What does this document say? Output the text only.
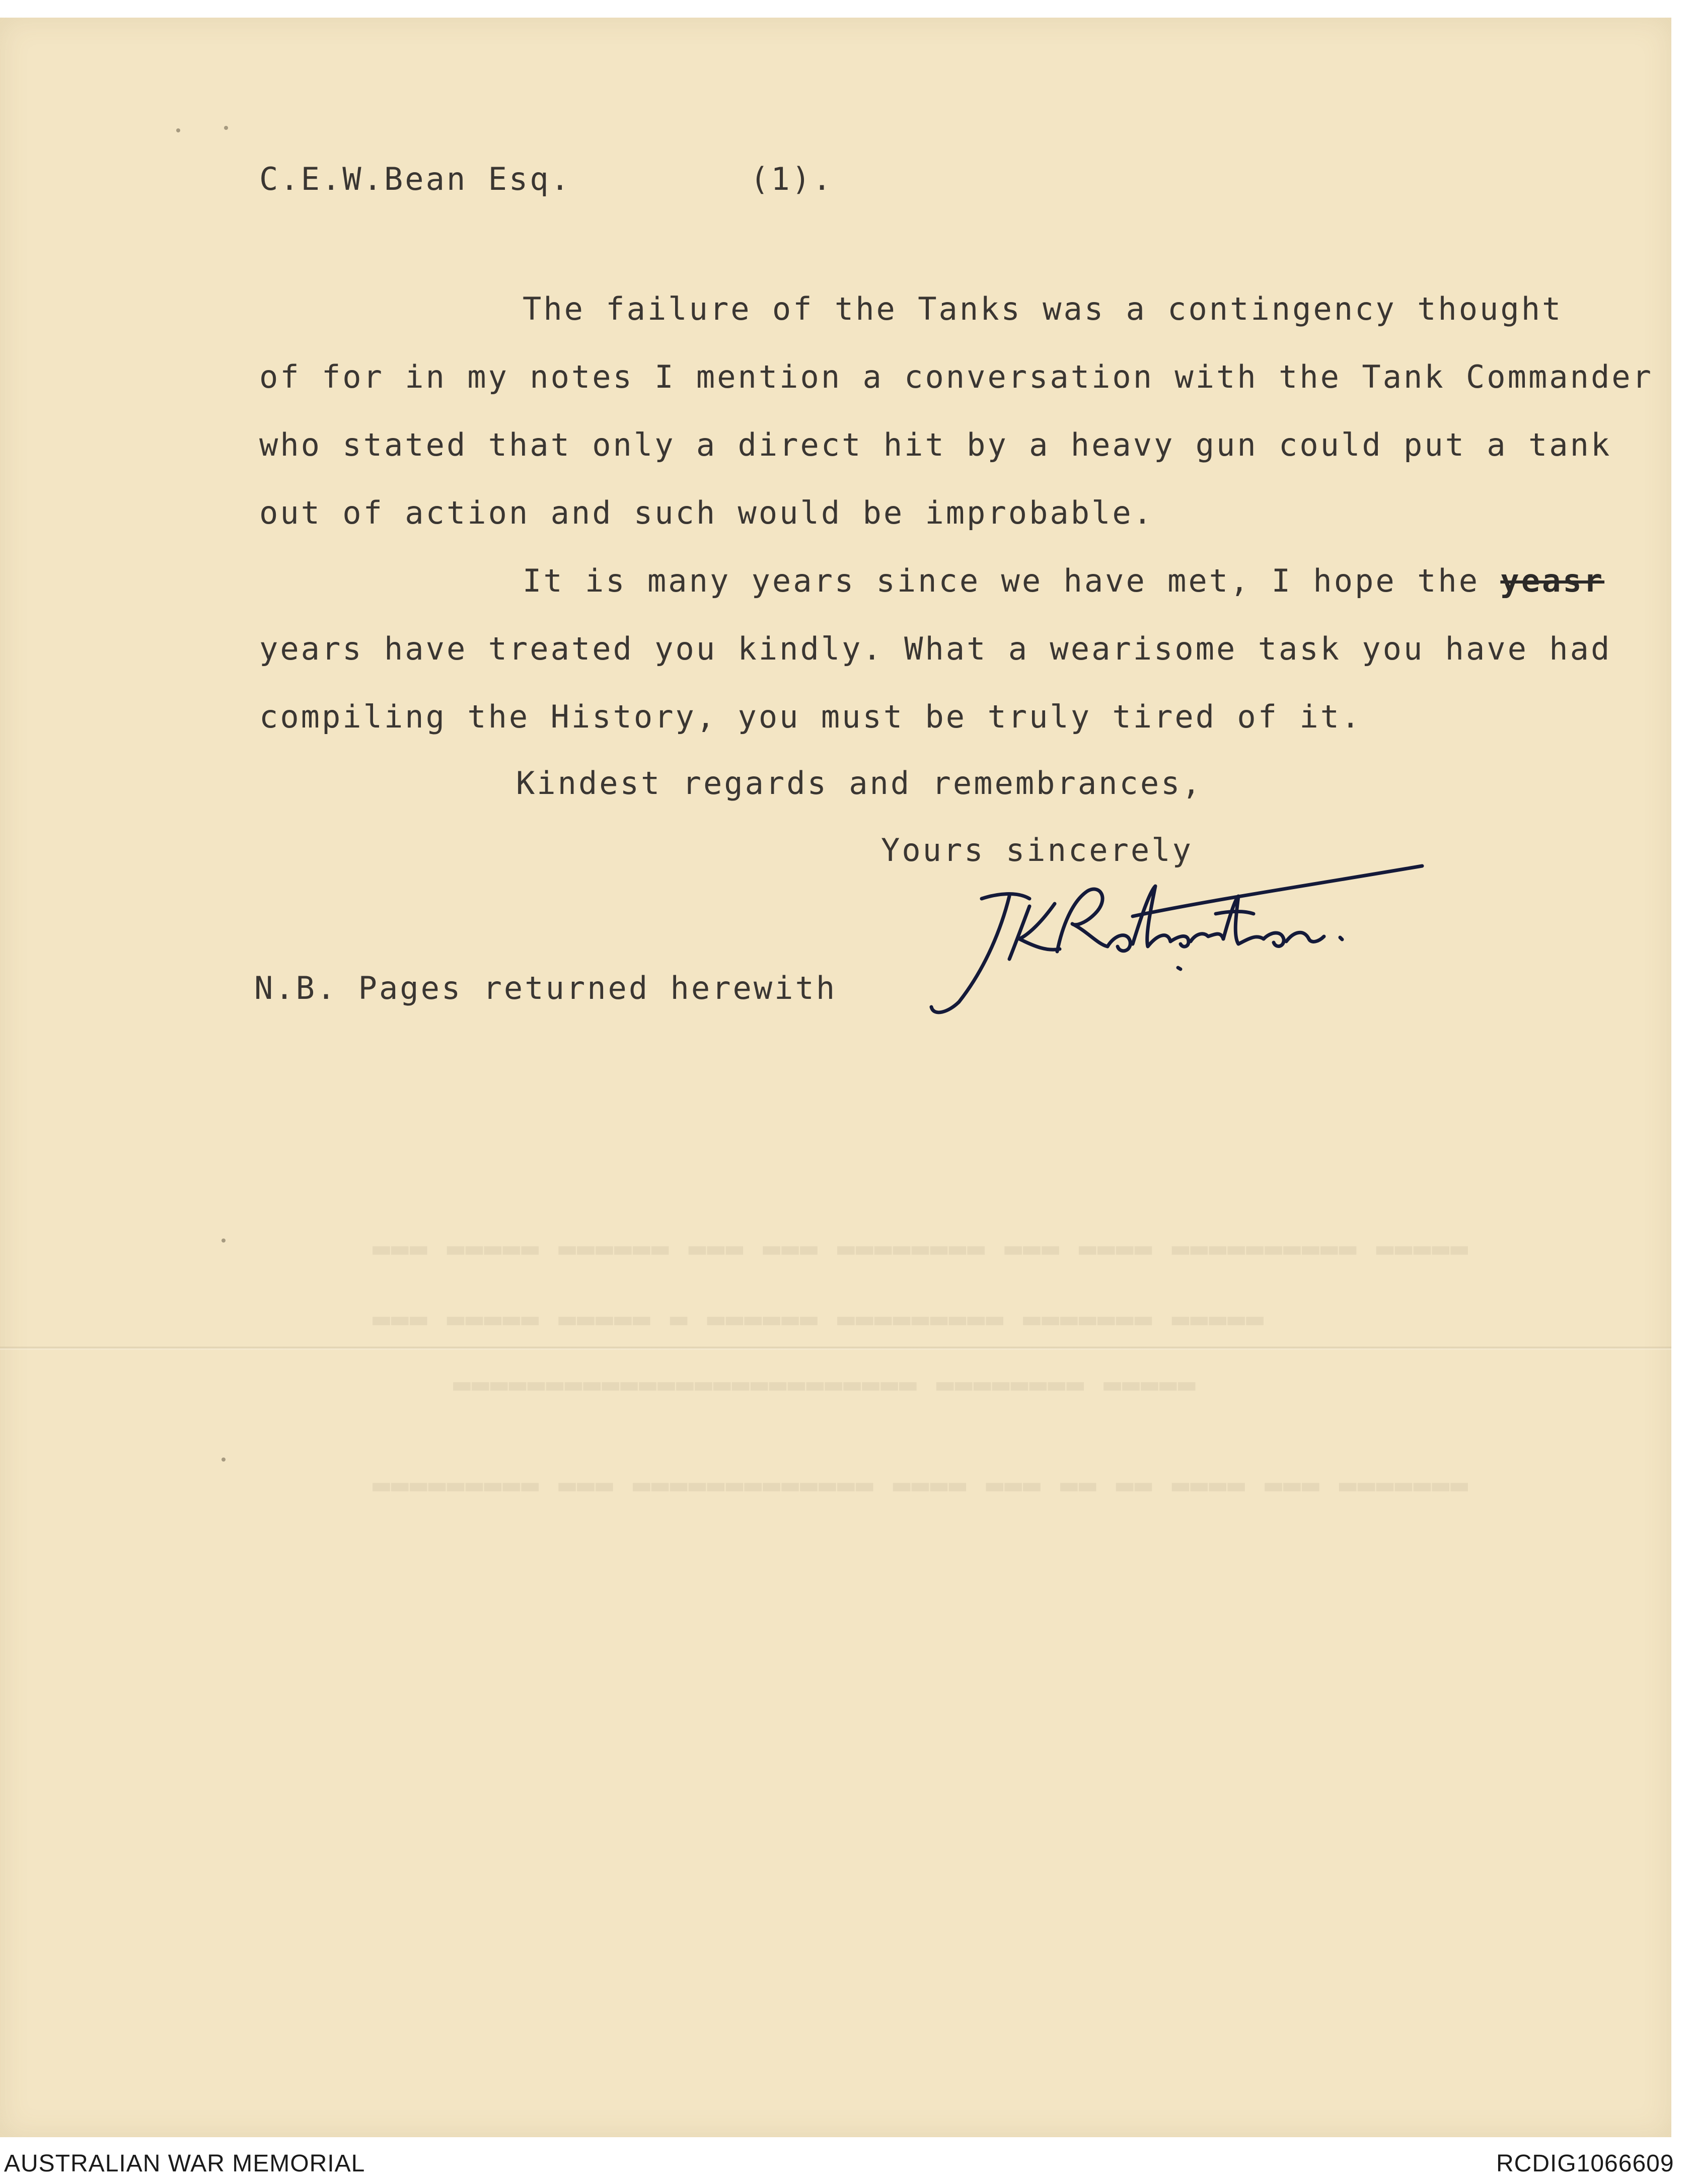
▬▬▬ ▬▬▬▬▬ ▬▬▬▬▬▬ ▬▬▬ ▬▬▬ ▬▬▬▬▬▬▬▬ ▬▬▬ ▬▬▬▬ ▬▬▬▬▬▬▬▬▬▬ ▬▬▬▬▬
▬▬▬ ▬▬▬▬▬ ▬▬▬▬▬ ▬ ▬▬▬▬▬▬ ▬▬▬▬▬▬▬▬▬ ▬▬▬▬▬▬▬ ▬▬▬▬▬
▬▬▬▬▬▬▬▬▬▬▬▬▬▬▬▬▬▬▬▬▬▬▬▬▬ ▬▬▬▬▬▬▬▬ ▬▬▬▬▬
▬▬▬▬▬▬▬▬▬ ▬▬▬ ▬▬▬▬▬▬▬▬▬▬▬▬▬ ▬▬▬▬ ▬▬▬ ▬▬ ▬▬ ▬▬▬▬ ▬▬▬ ▬▬▬▬▬▬▬
C.E.W.Bean Esq.	(1).
The failure of the Tanks was a contingency thought
of for in my notes I mention a conversation with the Tank Commander
who stated that only a direct hit by a heavy gun could put a tank
out of action and such would be improbable.
It is many years since we have met, I hope the yeasr
years have treated you kindly. What a wearisome task you have had
compiling the History, you must be truly tired of it.
Kindest regards and remembrances,
Yours sincerely
N.B. Pages returned herewith
AUSTRALIAN WAR MEMORIAL	RCDIG1066609
